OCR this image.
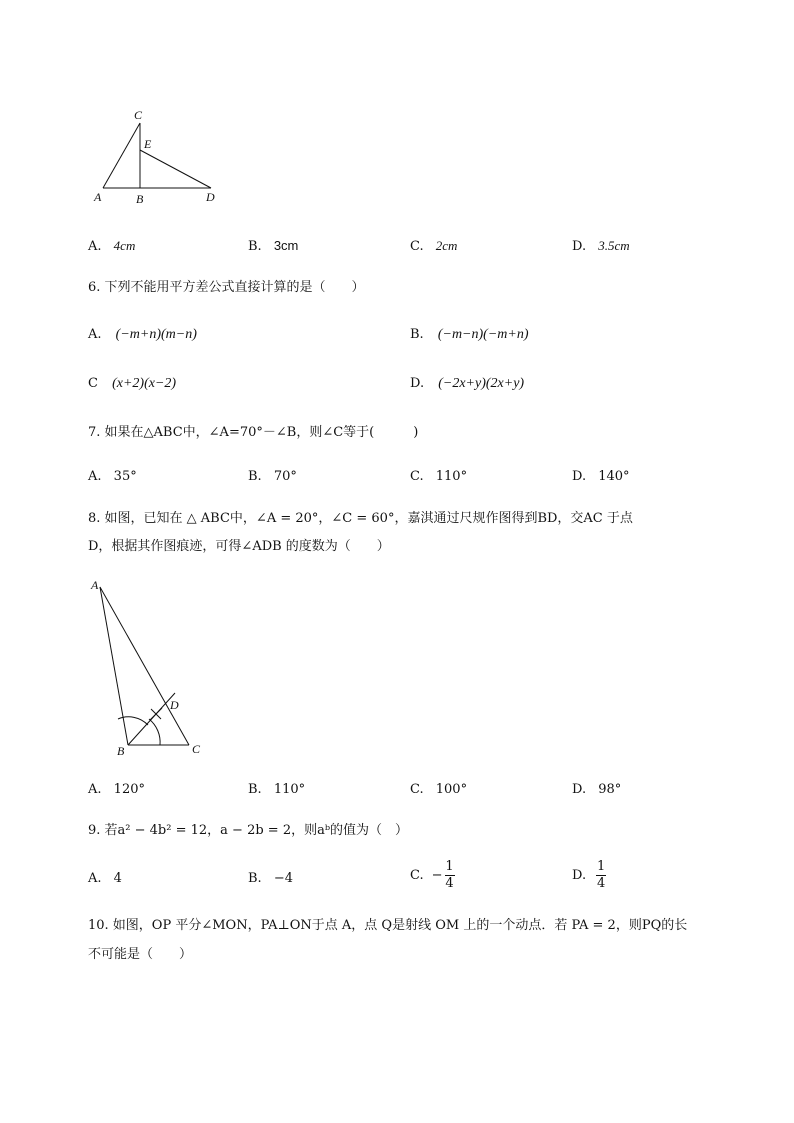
C
E
A	B	D
A. 4cm	B. 3cm	C. 2cm	D. 3.5cm
6. 下列不能用平方差公式直接计算的是（　　）
A. (−m+n)(m−n)	B. (−m−n)(−m+n)
C (x+2)(x−2)	D. (−2x+y)(2x+y)
7. 如果在△ABC中，∠A=70°－∠B，则∠C等于(　　　)
A. 35°	B. 70°	C. 110°	D. 140°
8. 如图，已知在 △ ABC中，∠A = 20°，∠C = 60°，嘉淇通过尺规作图得到BD，交AC 于点
D，根据其作图痕迹，可得∠ADB 的度数为（　　）
A
D
B	C
A. 120°	B. 110°	C. 100°	D. 98°
9. 若a² − 4b² = 12，a − 2b = 2，则aᵇ的值为（　）
A. 4	B. −4	C. − $\frac{1}{4}$	D. $\frac{1}{4}$
10. 如图，OP 平分∠MON，PA⊥ON于点 A，点 Q是射线 OM 上的一个动点．若 PA = 2，则PQ的长
不可能是（　　）
